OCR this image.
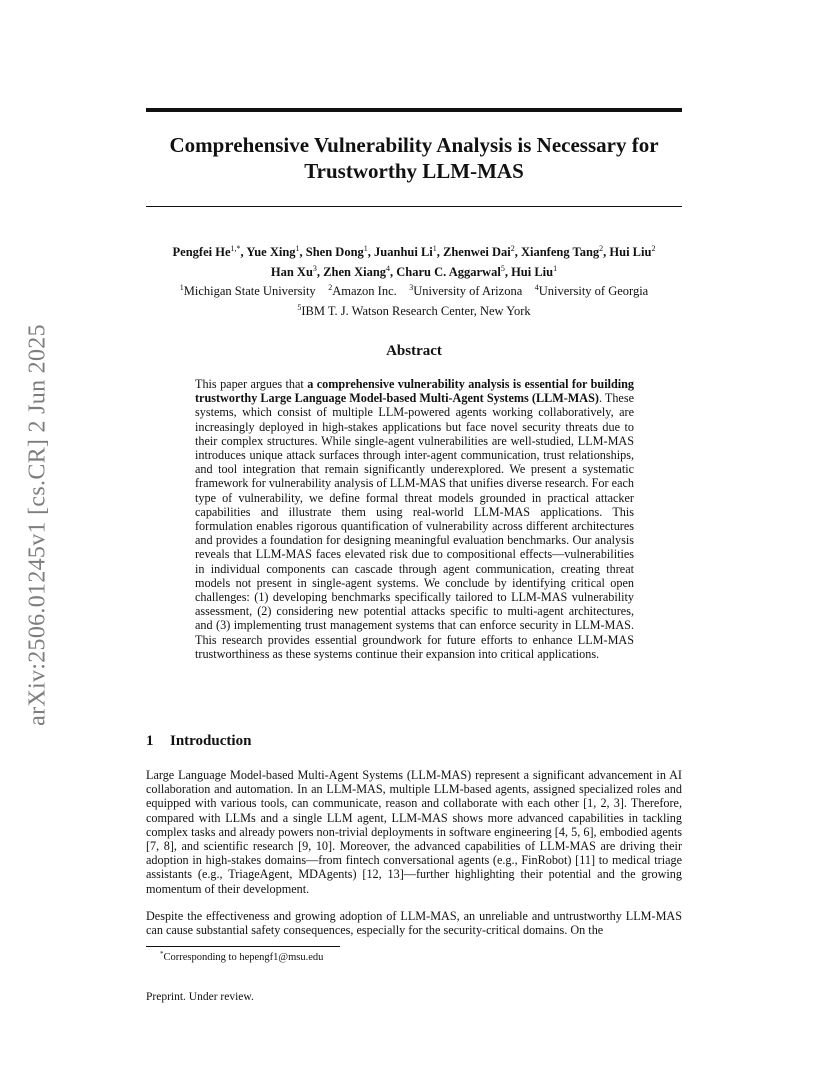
arXiv:2506.01245v1 [cs.CR] 2 Jun 2025
Comprehensive Vulnerability Analysis is Necessary for
Trustworthy LLM-MAS
Pengfei $He^{1,*}$, Yue Xing$^1$, Shen Dong$^1$, Juanhui Li$^1$, Zhenwei Dai$^2$, Xianfeng Tang$^2$, Hui Liu$^2$
Han Xu$^3$, Zhen Xiang$^4$, Charu C. Aggarwal$^5$, Hui Liu$^1$
$^1$Michigan State University  $^2$Amazon Inc.  $^3$University of Arizona  $^4$University of Georgia
$^5$IBM T. J. Watson Research Center, New York
Abstract
This paper argues that a comprehensive vulnerability analysis is essential for building trustworthy Large Language Model-based Multi-Agent Systems (LLM-MAS). These systems, which consist of multiple LLM-powered agents working collaboratively, are increasingly deployed in high-stakes applications but face novel security threats due to their complex structures. While single-agent vulnerabilities are well-studied, LLM-MAS introduces unique attack surfaces through inter-agent communication, trust relationships, and tool integration that remain significantly underexplored. We present a systematic framework for vulnerability analysis of LLM-MAS that unifies diverse research. For each type of vulnerability, we define formal threat models grounded in practical attacker capabilities and illustrate them using real-world LLM-MAS applications. This formulation enables rigorous quantification of vulnerability across different architectures and provides a foundation for designing meaningful evaluation benchmarks. Our analysis reveals that LLM-MAS faces elevated risk due to compositional effects—vulnerabilities in individual components can cascade through agent communication, creating threat models not present in single-agent systems. We conclude by identifying critical open challenges: (1) developing benchmarks specifically tailored to LLM-MAS vulnerability assessment, (2) considering new potential attacks specific to multi-agent architectures, and (3) implementing trust management systems that can enforce security in LLM-MAS. This research provides essential groundwork for future efforts to enhance LLM-MAS trustworthiness as these systems continue their expansion into critical applications.
1 Introduction

Large Language Model-based Multi-Agent Systems (LLM-MAS) represent a significant advancement in AI collaboration and automation. In an LLM-MAS, multiple LLM-based agents, assigned specialized roles and equipped with various tools, can communicate, reason and collaborate with each other [1, 2, 3]. Therefore, compared with LLMs and a single LLM agent, LLM-MAS shows more advanced capabilities in tackling complex tasks and already powers non-trivial deployments in software engineering [4, 5, 6], embodied agents [7, 8], and scientific research [9, 10]. Moreover, the advanced capabilities of LLM-MAS are driving their adoption in high-stakes domains—from fintech conversational agents (e.g., FinRobot) [11] to medical triage assistants (e.g., TriageAgent, MDAgents) [12, 13]—further highlighting their potential and the growing momentum of their development.

Despite the effectiveness and growing adoption of LLM-MAS, an unreliable and untrustworthy LLM-MAS can cause substantial safety consequences, especially for the security-critical domains. On the

*Corresponding to hepengf1@msu.edu
Preprint. Under review.
